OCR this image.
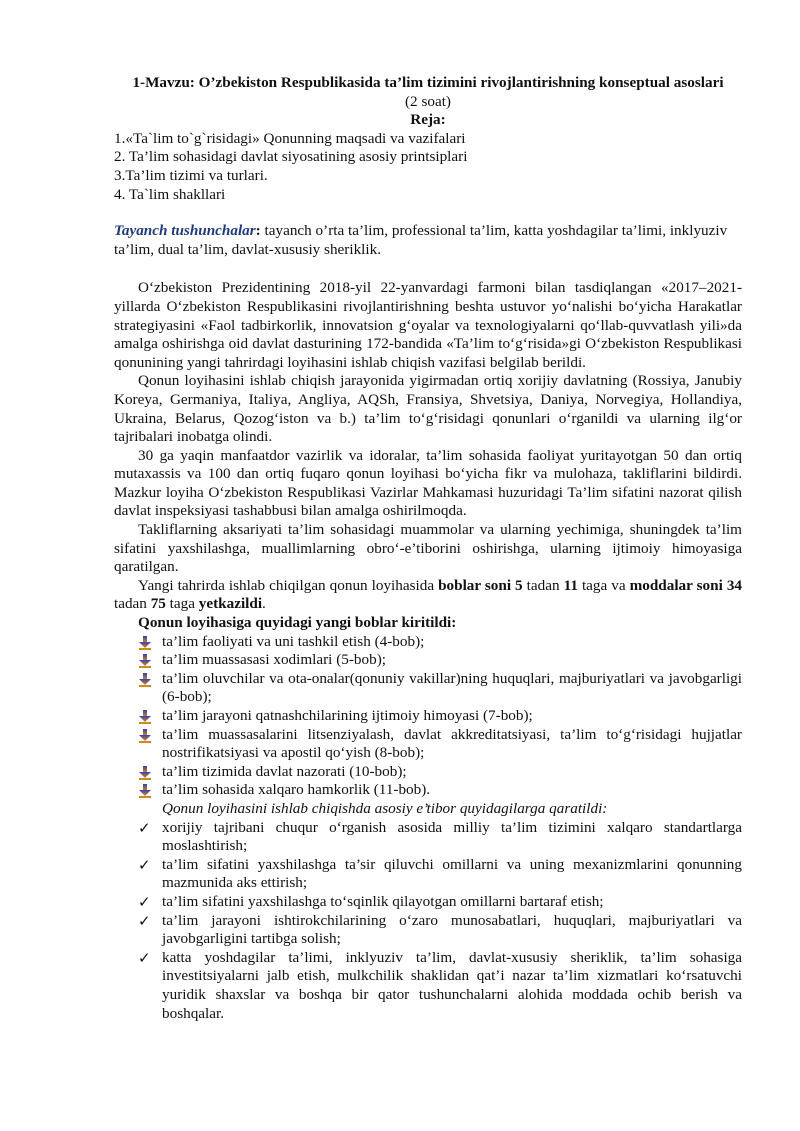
1-Mavzu: O’zbekiston Respublikasida ta’lim tizimini rivojlantirishning konseptual asoslari

(2 soat)

Reja:

1.«Ta`lim to`g`risidagi» Qonunning maqsadi va vazifalari
2. Ta’lim sohasidagi davlat siyosatining asosiy printsiplari
3.Ta’lim tizimi va turlari.
4. Ta`lim shakllari

Tayanch tushunchalar: tayanch o’rta ta’lim, professional ta’lim, katta yoshdagilar ta’limi, inklyuziv ta’lim, dual ta’lim, davlat-xususiy sheriklik.

O‘zbekiston Prezidentining 2018-yil 22-yanvardagi farmoni bilan tasdiqlangan «2017–2021-yillarda O‘zbekiston Respublikasini rivojlantirishning beshta ustuvor yo‘nalishi bo‘yicha Harakatlar strategiyasini «Faol tadbirkorlik, innovatsion g‘oyalar va texnologiyalarni qo‘llab-quvvatlash yili»da amalga oshirishga oid davlat dasturining 172-bandida «Ta’lim to‘g‘risida»gi O‘zbekiston Respublikasi qonunining yangi tahrirdagi loyihasini ishlab chiqish vazifasi belgilab berildi.

Qonun loyihasini ishlab chiqish jarayonida yigirmadan ortiq xorijiy davlatning (Rossiya, Janubiy Koreya, Germaniya, Italiya, Angliya, AQSh, Fransiya, Shvetsiya, Daniya, Norvegiya, Hollandiya, Ukraina, Belarus, Qozog‘iston va b.) ta’lim to‘g‘risidagi qonunlari o‘rganildi va ularning ilg‘or tajribalari inobatga olindi.

30 ga yaqin manfaatdor vazirlik va idoralar, ta’lim sohasida faoliyat yuritayotgan 50 dan ortiq mutaxassis va 100 dan ortiq fuqaro qonun loyihasi bo‘yicha fikr va mulohaza, takliflarini bildirdi. Mazkur loyiha O‘zbekiston Respublikasi Vazirlar Mahkamasi huzuridagi Ta’lim sifatini nazorat qilish davlat inspeksiyasi tashabbusi bilan amalga oshirilmoqda.

Takliflarning aksariyati ta’lim sohasidagi muammolar va ularning yechimiga, shuningdek ta’lim sifatini yaxshilashga, muallimlarning obro‘-e’tiborini oshirishga, ularning ijtimoiy himoyasiga qaratilgan.

Yangi tahrirda ishlab chiqilgan qonun loyihasida boblar soni 5 tadan 11 taga va moddalar soni 34 tadan 75 taga yetkazildi.

Qonun loyihasiga quyidagi yangi boblar kiritildi:

ta’lim faoliyati va uni tashkil etish (4-bob);
ta’lim muassasasi xodimlari (5-bob);
ta’lim oluvchilar va ota-onalar(qonuniy vakillar)ning huquqlari, majburiyatlari va javobgarligi (6-bob);
ta’lim jarayoni qatnashchilarining ijtimoiy himoyasi (7-bob);
ta’lim muassasalarini litsenziyalash, davlat akkreditatsiyasi, ta’lim to‘g‘risidagi hujjatlar nostrifikatsiyasi va apostil qo‘yish (8-bob);
ta’lim tizimida davlat nazorati (10-bob);
ta’lim sohasida xalqaro hamkorlik (11-bob).

Qonun loyihasini ishlab chiqishda asosiy e’tibor quyidagilarga qaratildi:

✓ xorijiy tajribani chuqur o‘rganish asosida milliy ta’lim tizimini xalqaro standartlarga moslashtirish;
✓ ta’lim sifatini yaxshilashga ta’sir qiluvchi omillarni va uning mexanizmlarini qonunning mazmunida aks ettirish;
✓ ta’lim sifatini yaxshilashga to‘sqinlik qilayotgan omillarni bartaraf etish;
✓ ta’lim jarayoni ishtirokchilarining o‘zaro munosabatlari, huquqlari, majburiyatlari va javobgarligini tartibga solish;
✓ katta yoshdagilar ta’limi, inklyuziv ta’lim, davlat-xususiy sheriklik, ta’lim sohasiga investitsiyalarni jalb etish, mulkchilik shaklidan qat’i nazar ta’lim xizmatlari ko‘rsatuvchi yuridik shaxslar va boshqa bir qator tushunchalarni alohida moddada ochib berish va boshqalar.
